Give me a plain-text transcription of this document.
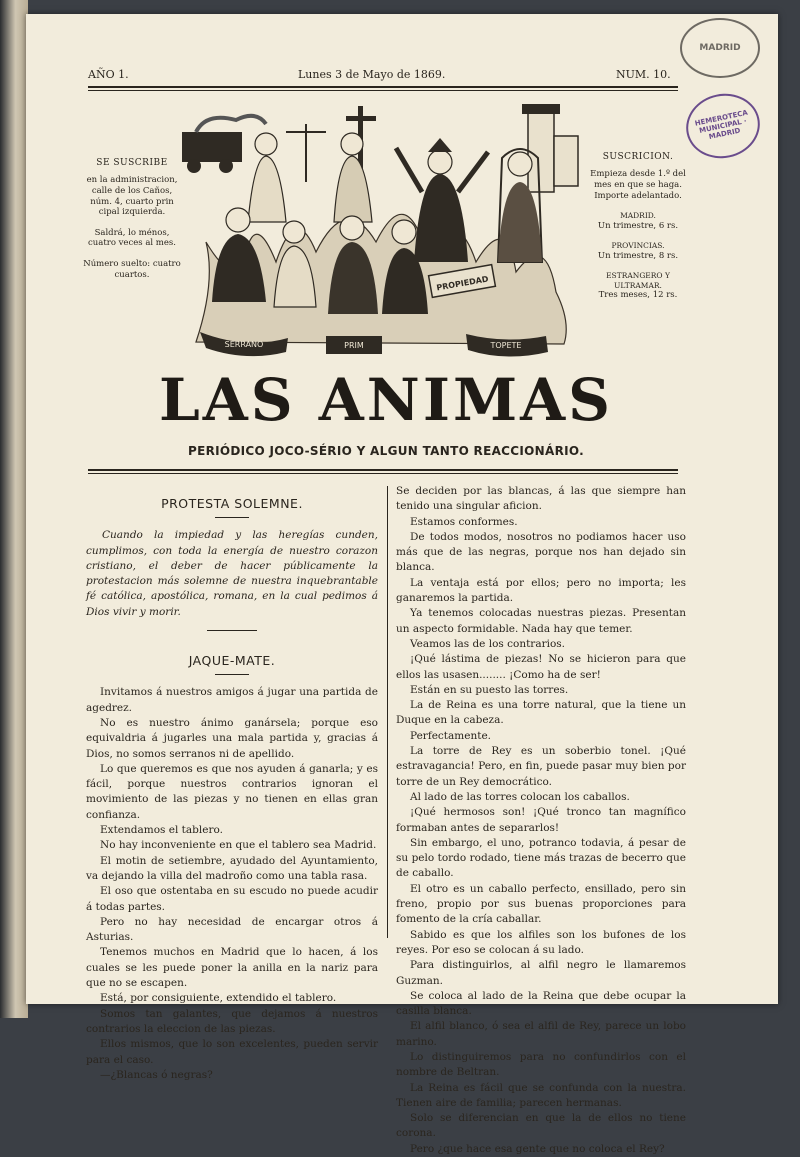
MADRID
HEMEROTECA MUNICIPAL · MADRID
AÑO 1.	Lunes 3 de Mayo de 1869.	NUM. 10.
SE SUSCRIBE

en la administracion, calle de los Caños, núm. 4, cuarto prin cipal izquierda.

Saldrá, lo ménos, cuatro veces al mes.

Número suelto: cuatro cuartos.

SUSCRICION.

Empieza desde 1.º del mes en que se haga. Importe adelantado.

MADRID.

Un trimestre, 6 rs.

PROVINCIAS.

Un trimestre, 8 rs.

ESTRANGERO Y ULTRAMAR.

Tres meses, 12 rs.

PROPIEDAD
SERRANO	PRIM	TOPETE
LAS ANIMAS
PERIÓDICO JOCO-SÉRIO Y ALGUN TANTO REACCIONÁRIO.
PROTESTA SOLEMNE.

Cuando la impiedad y las heregías cunden, cumplimos, con toda la energía de nuestro corazon cristiano, el deber de hacer públicamente la protestacion más solemne de nuestra inquebrantable fé católica, apostólica, romana, en la cual pedimos á Dios vivir y morir.

JAQUE-MATE.

Invitamos á nuestros amigos á jugar una partida de agedrez.

No es nuestro ánimo ganársela; porque eso equivaldria á jugarles una mala partida y, gracias á Dios, no somos serranos ni de apellido.

Lo que queremos es que nos ayuden á ganarla; y es fácil, porque nuestros contrarios ignoran el movimiento de las piezas y no tienen en ellas gran confianza.

Extendamos el tablero.

No hay inconveniente en que el tablero sea Madrid.

El motin de setiembre, ayudado del Ayuntamiento, va dejando la villa del madroño como una tabla rasa.

El oso que ostentaba en su escudo no puede acudir á todas partes.

Pero no hay necesidad de encargar otros á Asturias.

Tenemos muchos en Madrid que lo hacen, á los cuales se les puede poner la anilla en la nariz para que no se escapen.

Está, por consiguiente, extendido el tablero.

Somos tan galantes, que dejamos á nuestros contrarios la eleccion de las piezas.

Ellos mismos, que lo son excelentes, pueden servir para el caso.

—¿Blancas ó negras?

Se deciden por las blancas, á las que siempre han tenido una singular aficion.

Estamos conformes.

De todos modos, nosotros no podiamos hacer uso más que de las negras, porque nos han dejado sin blanca.

La ventaja está por ellos; pero no importa; les ganaremos la partida.

Ya tenemos colocadas nuestras piezas. Presentan un aspecto formidable. Nada hay que temer.

Veamos las de los contrarios.

¡Qué lástima de piezas! No se hicieron para que ellos las usasen........ ¡Como ha de ser!

Están en su puesto las torres.

La de Reina es una torre natural, que la tiene un Duque en la cabeza.

Perfectamente.

La torre de Rey es un soberbio tonel. ¡Qué estravagancia! Pero, en fin, puede pasar muy bien por torre de un Rey democrático.

Al lado de las torres colocan los caballos.

¡Qué hermosos son! ¡Qué tronco tan magnífico formaban antes de separarlos!

Sin embargo, el uno, potranco todavia, á pesar de su pelo tordo rodado, tiene más trazas de becerro que de caballo.

El otro es un caballo perfecto, ensillado, pero sin freno, propio por sus buenas proporciones para fomento de la cría caballar.

Sabido es que los alfiles son los bufones de los reyes. Por eso se colocan á su lado.

Para distinguirlos, al alfil negro le llamaremos Guzman.

Se coloca al lado de la Reina que debe ocupar la casilla blanca.

El alfil blanco, ó sea el alfil de Rey, parece un lobo marino.

Lo distinguiremos para no confundirlos con el nombre de Beltran.

La Reina es fácil que se confunda con la nuestra. Tienen aire de familia; parecen hermanas.

Solo se diferencian en que la de ellos no tiene corona.

Pero ¿que hace esa gente que no coloca el Rey?
